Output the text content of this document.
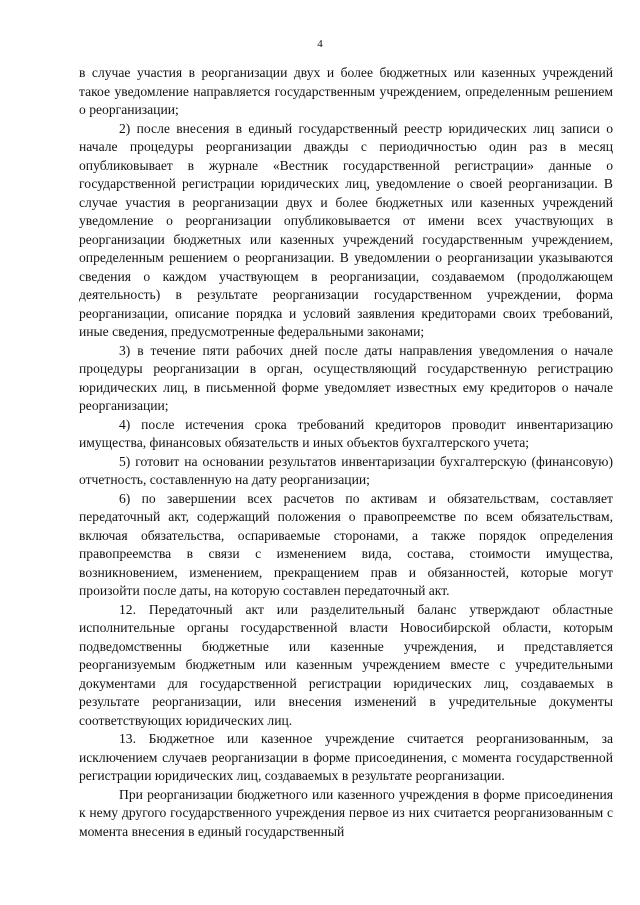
4

в случае участия в реорганизации двух и более бюджетных или казенных учреждений такое уведомление направляется государственным учреждением, определенным решением о реорганизации;

2) после внесения в единый государственный реестр юридических лиц записи о начале процедуры реорганизации дважды с периодичностью один раз в месяц опубликовывает в журнале «Вестник государственной регистрации» данные о государственной регистрации юридических лиц, уведомление о своей реорганизации. В случае участия в реорганизации двух и более бюджетных или казенных учреждений уведомление о реорганизации опубликовывается от имени всех участвующих в реорганизации бюджетных или казенных учреждений государственным учреждением, определенным решением о реорганизации. В уведомлении о реорганизации указываются сведения о каждом участвующем в реорганизации, создаваемом (продолжающем деятельность) в результате реорганизации государственном учреждении, форма реорганизации, описание порядка и условий заявления кредиторами своих требований, иные сведения, предусмотренные федеральными законами;

3) в течение пяти рабочих дней после даты направления уведомления о начале процедуры реорганизации в орган, осуществляющий государственную регистрацию юридических лиц, в письменной форме уведомляет известных ему кредиторов о начале реорганизации;

4) после истечения срока требований кредиторов проводит инвентаризацию имущества, финансовых обязательств и иных объектов бухгалтерского учета;

5) готовит на основании результатов инвентаризации бухгалтерскую (финансовую) отчетность, составленную на дату реорганизации;

6) по завершении всех расчетов по активам и обязательствам, составляет передаточный акт, содержащий положения о правопреемстве по всем обязательствам, включая обязательства, оспариваемые сторонами, а также порядок определения правопреемства в связи с изменением вида, состава, стоимости имущества, возникновением, изменением, прекращением прав и обязанностей, которые могут произойти после даты, на которую составлен передаточный акт.

12. Передаточный акт или разделительный баланс утверждают областные исполнительные органы государственной власти Новосибирской области, которым подведомственны бюджетные или казенные учреждения, и представляется реорганизуемым бюджетным или казенным учреждением вместе с учредительными документами для государственной регистрации юридических лиц, создаваемых в результате реорганизации, или внесения изменений в учредительные документы соответствующих юридических лиц.

13. Бюджетное или казенное учреждение считается реорганизованным, за исключением случаев реорганизации в форме присоединения, с момента государственной регистрации юридических лиц, создаваемых в результате реорганизации.

При реорганизации бюджетного или казенного учреждения в форме присоединения к нему другого государственного учреждения первое из них считается реорганизованным с момента внесения в единый государственный
